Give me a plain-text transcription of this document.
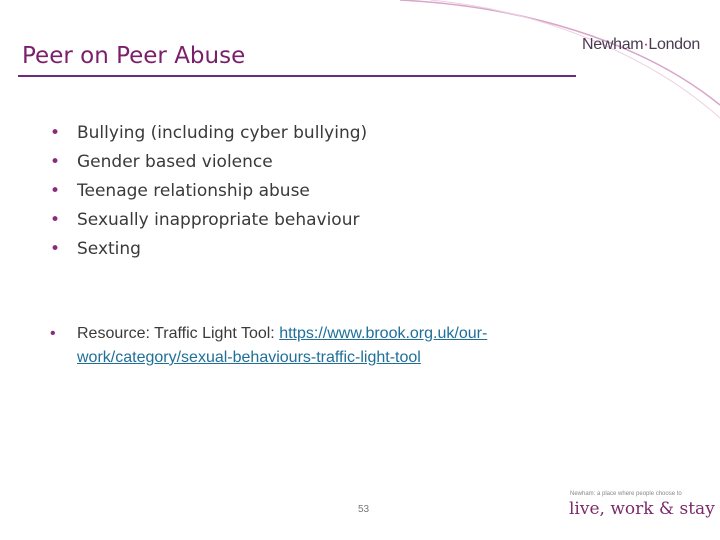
Peer on Peer Abuse	Newham·London
• Bullying (including cyber bullying)
• Gender based violence
• Teenage relationship abuse
• Sexually inappropriate behaviour
• Sexting
•	Resource: Traffic Light Tool: https://www.brook.org.uk/our-work/category/sexual-behaviours-traffic-light-tool
53
Newham: a place where people choose to
live, work & stay
